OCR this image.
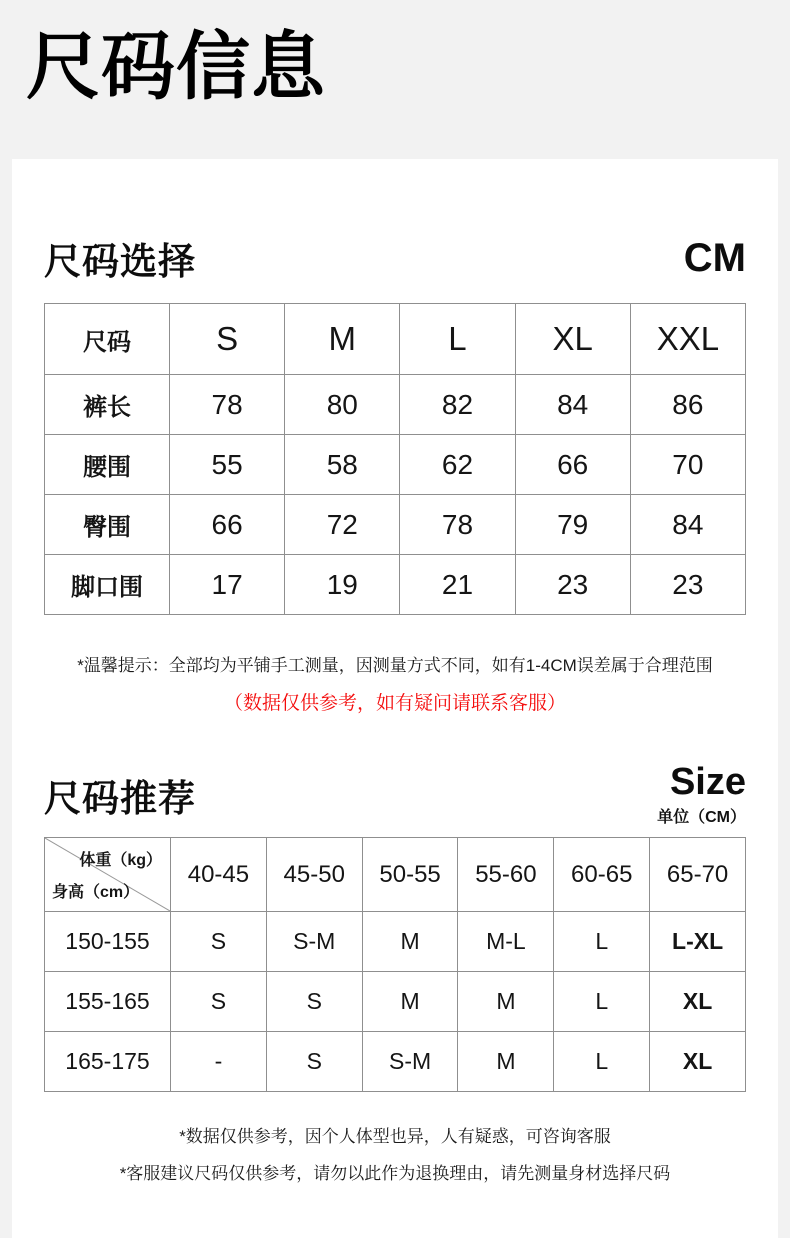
尺码信息
尺码选择	CM
尺码	S	M	L	XL	XXL
裤长	78	80	82	84	86
腰围	55	58	62	66	70
臀围	66	72	78	79	84
脚口围	17	19	21	23	23
*温馨提示：全部均为平铺手工测量，因测量方式不同，如有1-4CM误差属于合理范围
（数据仅供参考，如有疑问请联系客服）
尺码推荐	Size
单位（CM）
体重（kg）
身高（cm）	40-45	45-50	50-55	55-60	60-65	65-70
150-155	S	S-M	M	M-L	L	L-XL
155-165	S	S	M	M	L	XL
165-175	-	S	S-M	M	L	XL
*数据仅供参考，因个人体型也异，人有疑惑，可咨询客服
*客服建议尺码仅供参考，请勿以此作为退换理由，请先测量身材选择尺码
